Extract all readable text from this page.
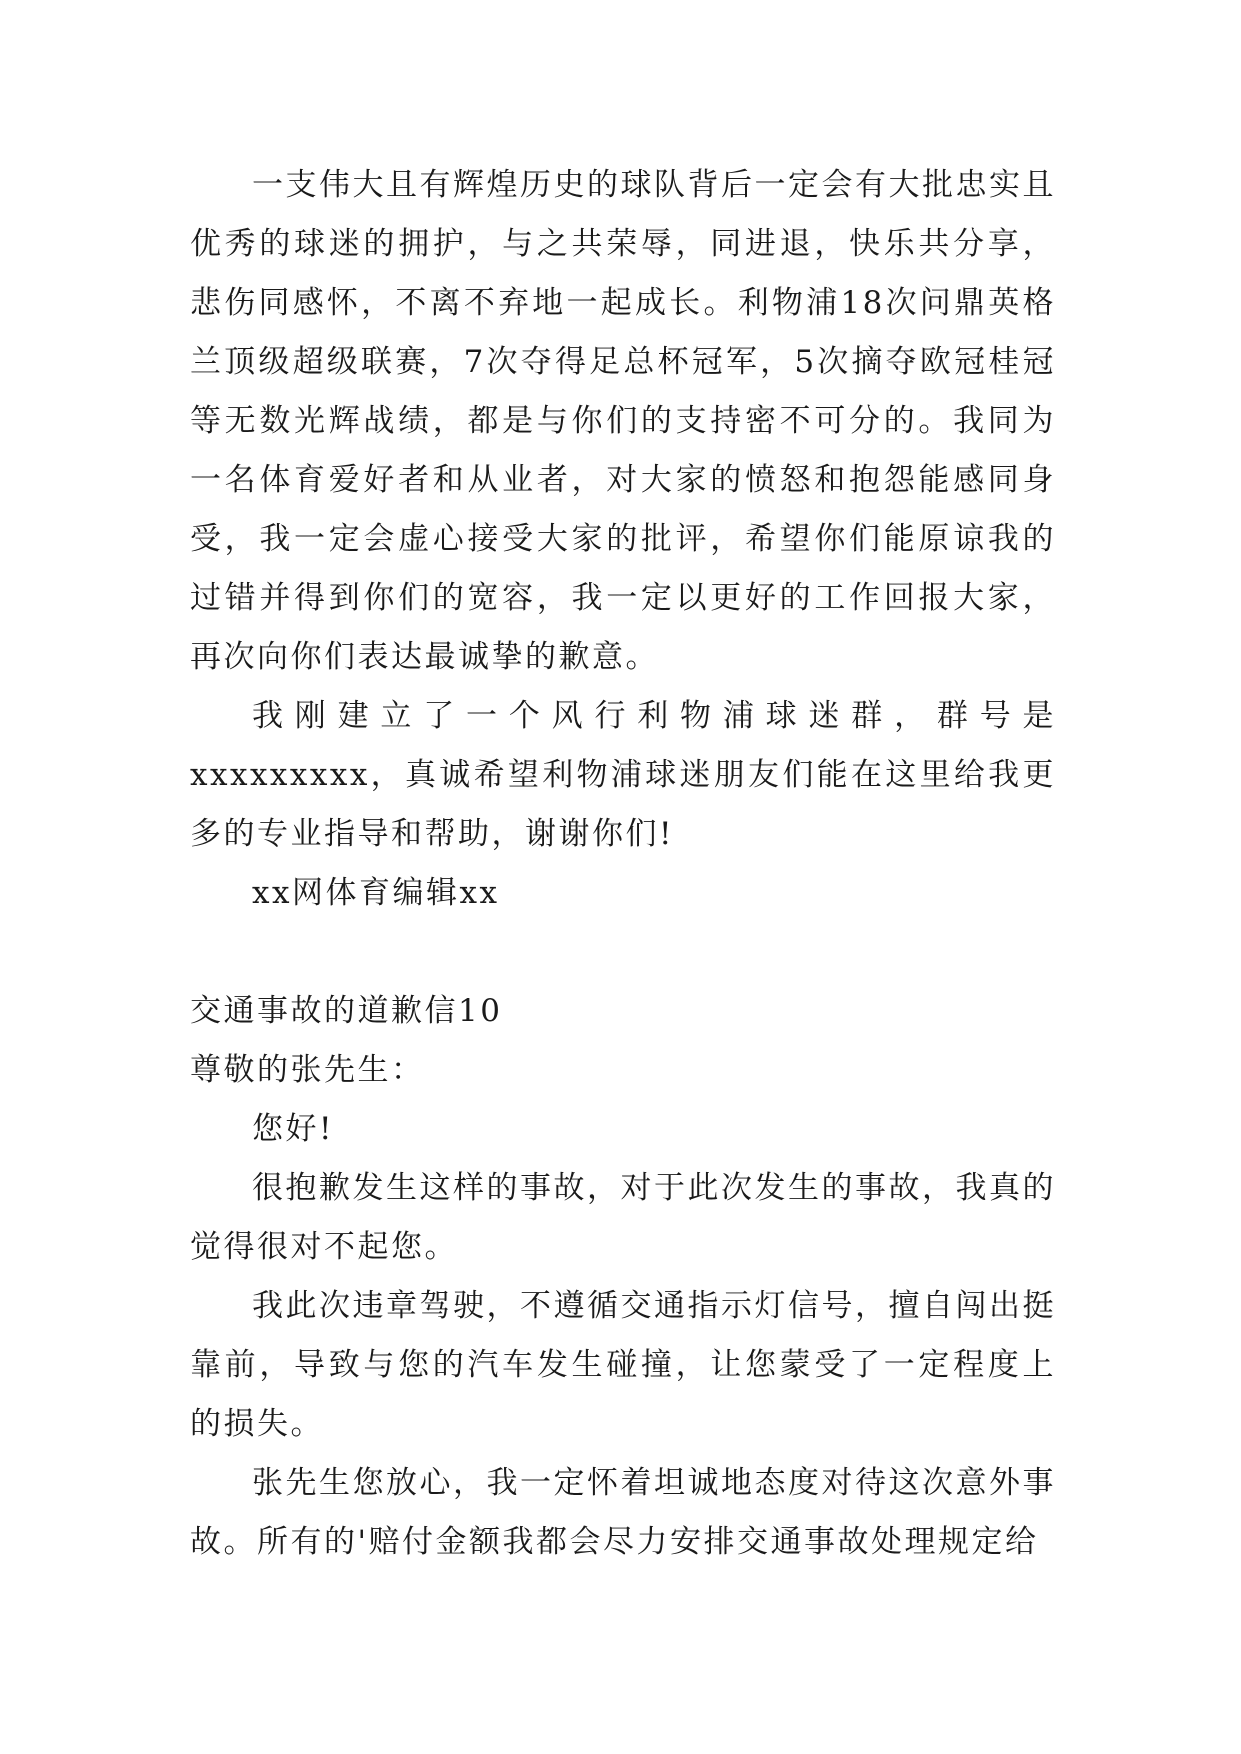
一支伟大且有辉煌历史的球队背后一定会有大批忠实且优秀的球迷的拥护，与之共荣辱，同进退，快乐共分享，悲伤同感怀，不离不弃地一起成长。利物浦18次问鼎英格兰顶级超级联赛，7次夺得足总杯冠军，5次摘夺欧冠桂冠等无数光辉战绩，都是与你们的支持密不可分的。我同为一名体育爱好者和从业者，对大家的愤怒和抱怨能感同身受，我一定会虚心接受大家的批评，希望你们能原谅我的过错并得到你们的宽容，我一定以更好的工作回报大家，再次向你们表达最诚挚的歉意。

我刚建立了一个风行利物浦球迷群，群号是xxxxxxxxx，真诚希望利物浦球迷朋友们能在这里给我更多的专业指导和帮助，谢谢你们!

xx网体育编辑xx

交通事故的道歉信10

尊敬的张先生：

您好!

很抱歉发生这样的事故，对于此次发生的事故，我真的觉得很对不起您。

我此次违章驾驶，不遵循交通指示灯信号，擅自闯出挺靠前，导致与您的汽车发生碰撞，让您蒙受了一定程度上的损失。

张先生您放心，我一定怀着坦诚地态度对待这次意外事故。所有的'赔付金额我都会尽力安排交通事故处理规定给
